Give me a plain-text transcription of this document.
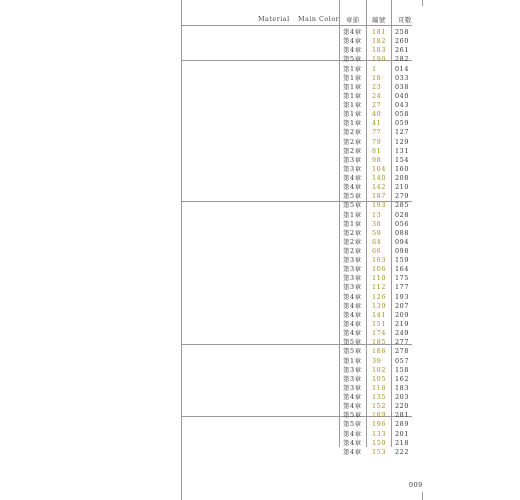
Material Main Color 章節 編號 頁數
第4章 181 258
第4章 182 260
第4章 183 261
第5章 190 282
第1章 1	014
第1章 18 033
第1章 23 038
第1章 24 040
第1章 27 043
第1章 40 058
第1章 41 059
第2章 77 127
第2章 79 129
第2章 81 131
第3章 98 154
第3章 104 160
第4章 140 208
第4章 142 210
第5章 187 279
第5章 193 285
第1章 13 028
第1章 38 056
第2章 59 088
第2章 64 094
第2章 66 098
第3章 103 159
第3章 106 164
第3章 110 175
第3章 112 177
第4章 126 193
第4章 139 207
第4章 141 209
第4章 151 219
第4章 174 249
第5章 185 277
第5章 186 278
第1章 39 057
第3章 102 158
第3章 105 162
第3章 118 183
第4章 135 203
第4章 152 220
第5章 189 281
第5章 196 289
第4章 133 201
第4章 150 218
第4章 153 222
009
